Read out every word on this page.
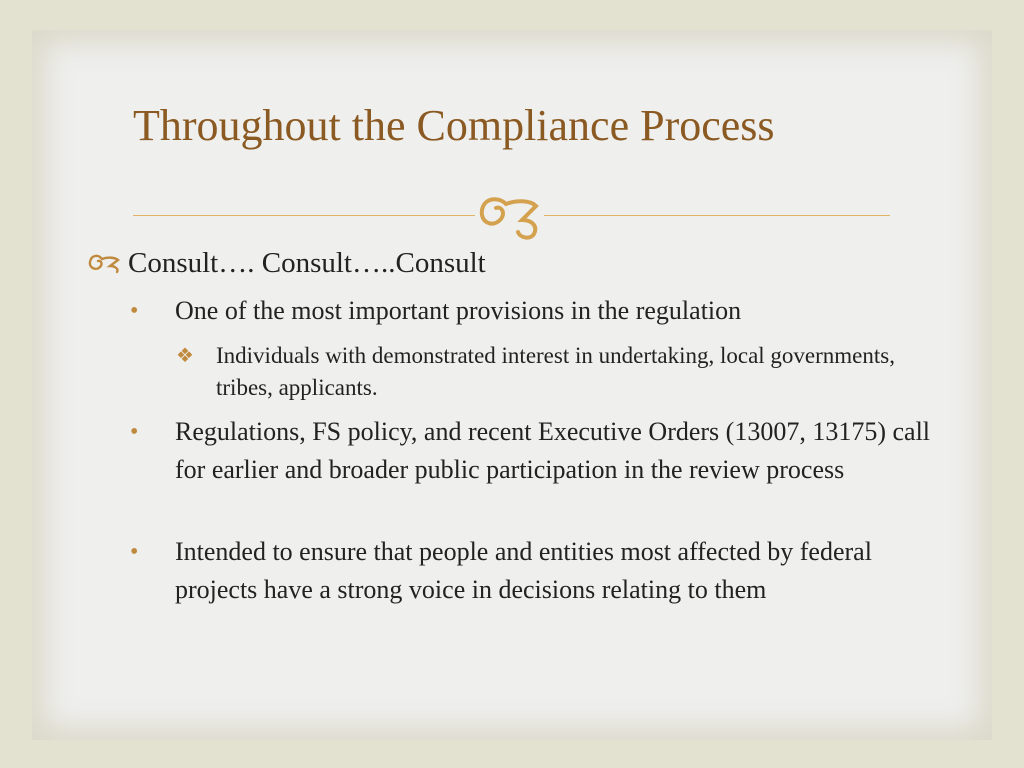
Throughout the Compliance Process
Consult…. Consult…..Consult
•	One of the most important provisions in the regulation
❖ Individuals with demonstrated interest in undertaking, local governments, tribes, applicants.
•	Regulations, FS policy, and recent Executive Orders (13007, 13175) call for earlier and broader public participation in the review process
•	Intended to ensure that people and entities most affected by federal projects have a strong voice in decisions relating to them
